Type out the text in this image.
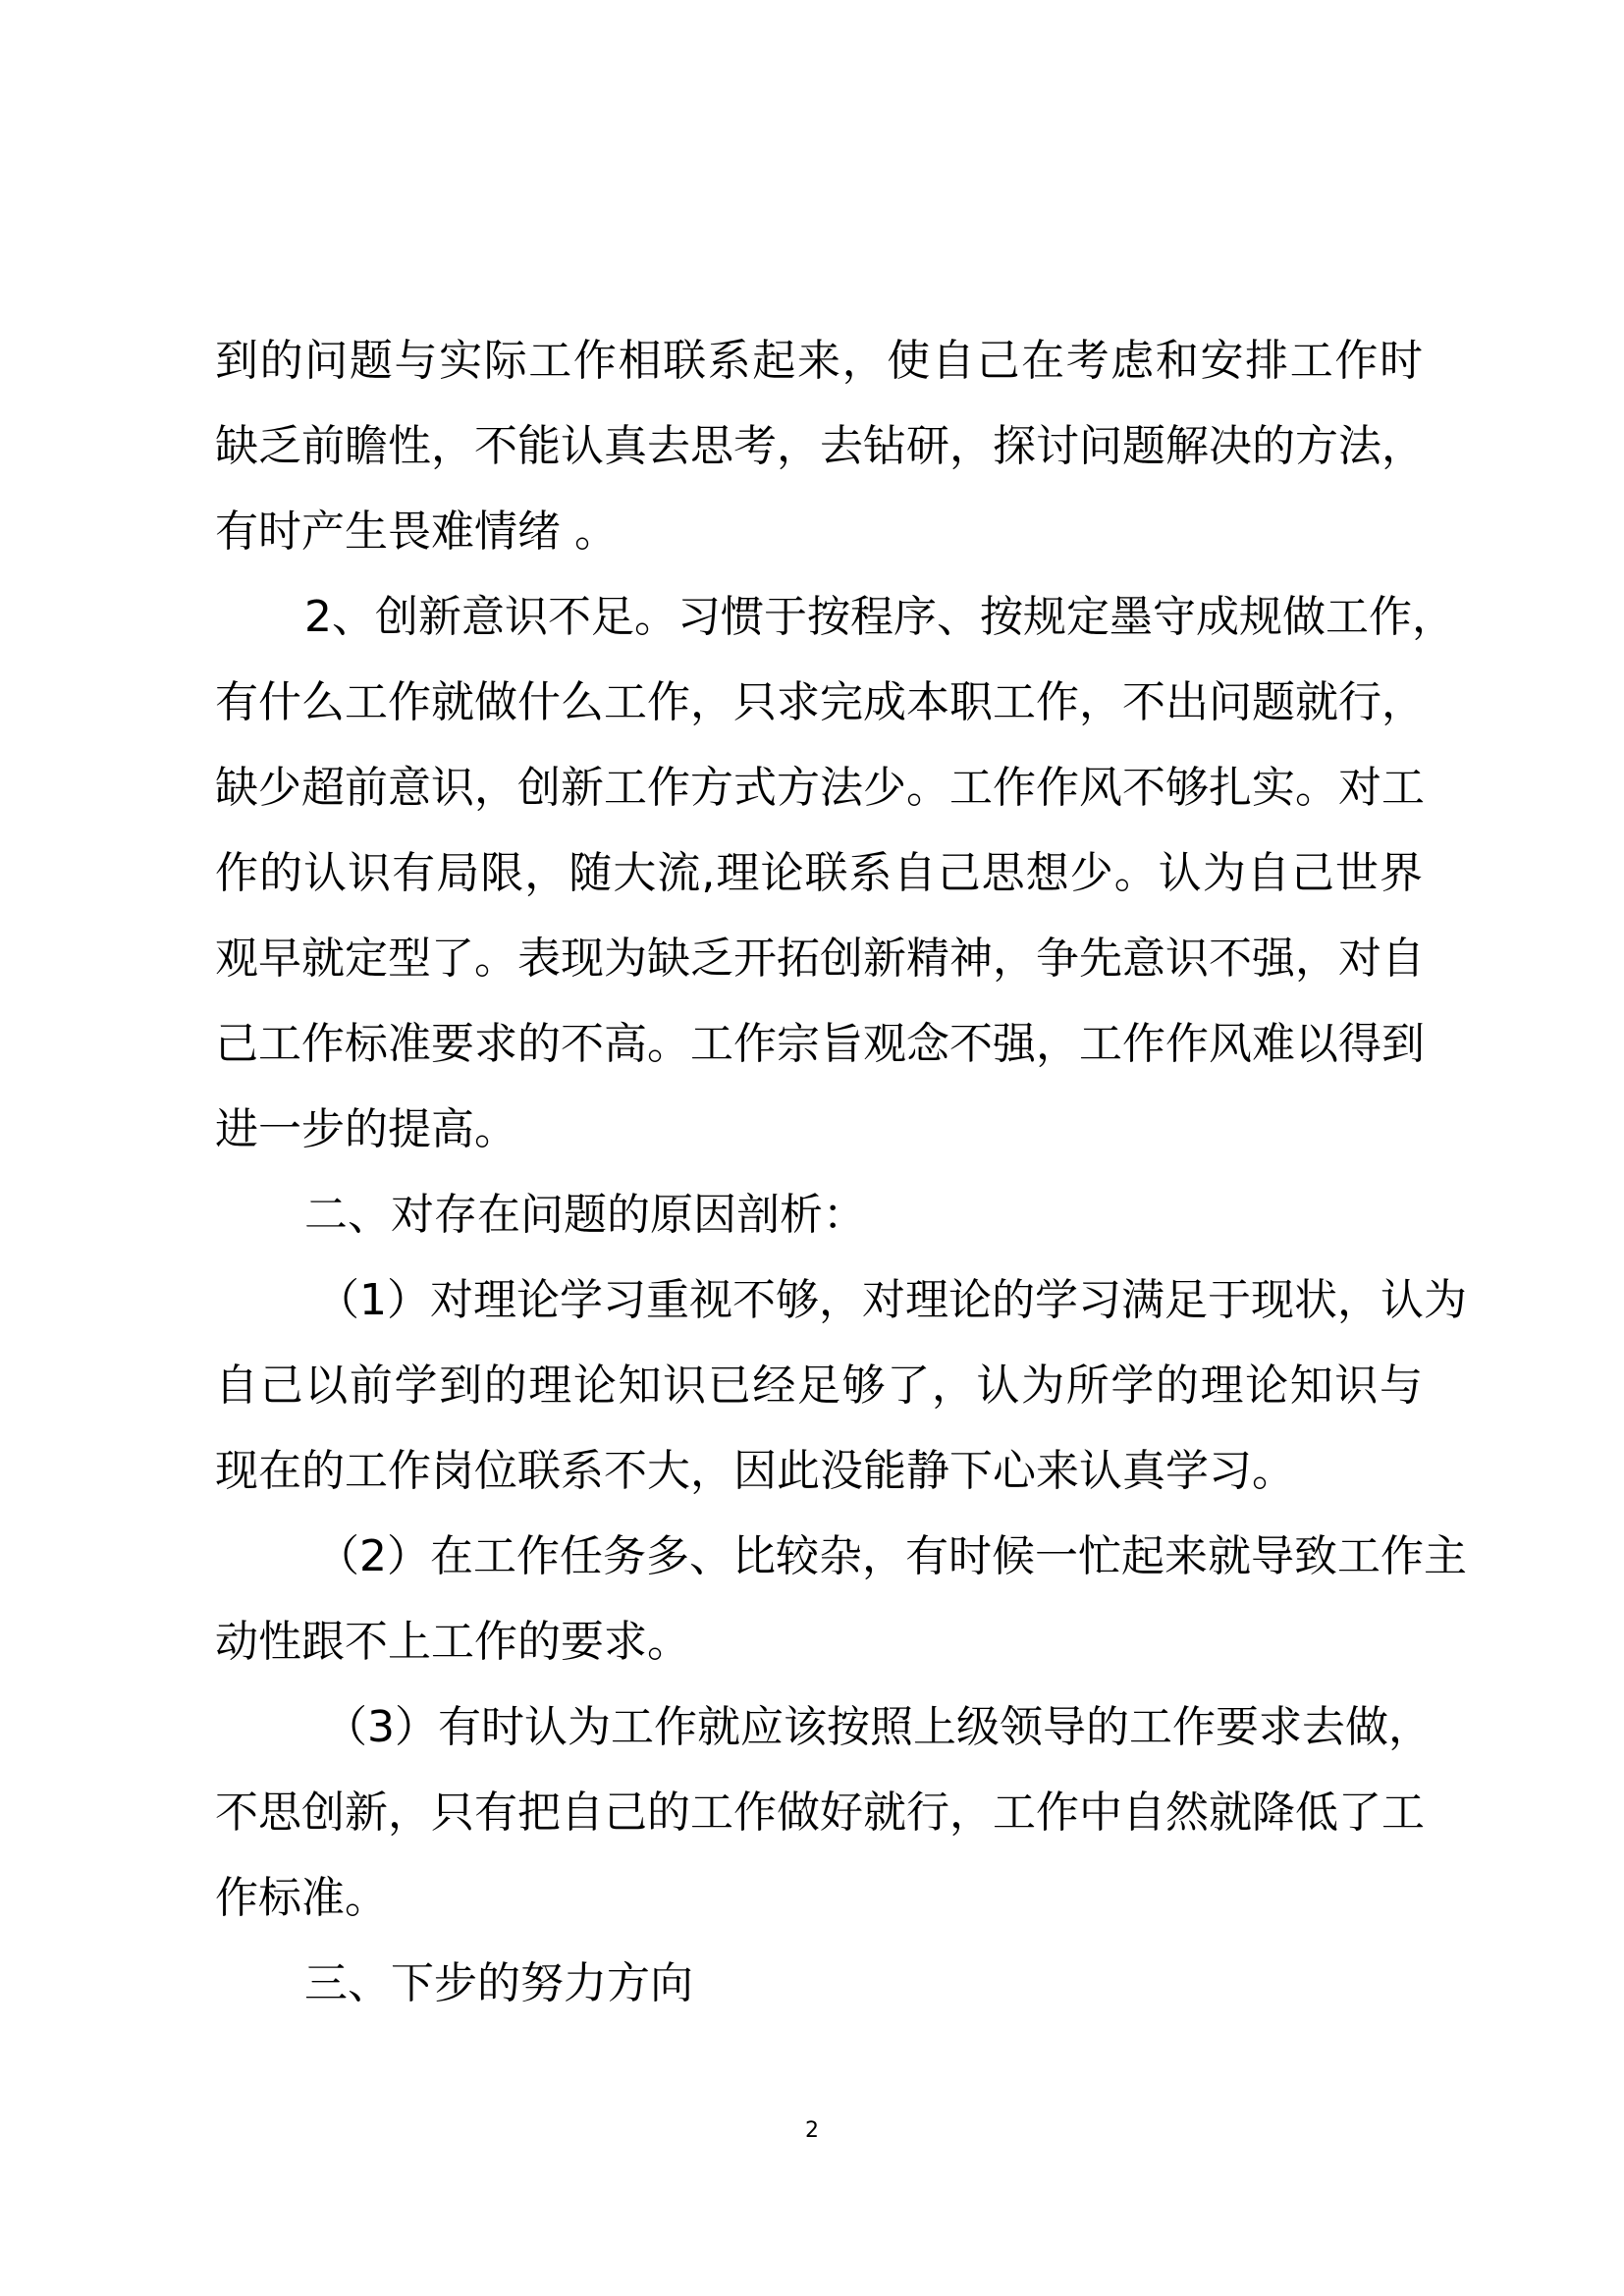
到的问题与实际工作相联系起来，使自己在考虑和安排工作时
缺乏前瞻性，不能认真去思考，去钻研，探讨问题解决的方法，
有时产生畏难情绪 。
2、创新意识不足。习惯于按程序、按规定墨守成规做工作，
有什么工作就做什么工作，只求完成本职工作，不出问题就行，
缺少超前意识，创新工作方式方法少。工作作风不够扎实。对工
作的认识有局限，随大流,理论联系自己思想少。认为自己世界
观早就定型了。表现为缺乏开拓创新精神，争先意识不强，对自
己工作标准要求的不高。工作宗旨观念不强，工作作风难以得到
进一步的提高。
二、对存在问题的原因剖析：
（1）对理论学习重视不够，对理论的学习满足于现状，认为
自己以前学到的理论知识已经足够了，认为所学的理论知识与
现在的工作岗位联系不大，因此没能静下心来认真学习。
（2）在工作任务多、比较杂，有时候一忙起来就导致工作主
动性跟不上工作的要求。
（3）有时认为工作就应该按照上级领导的工作要求去做，
不思创新，只有把自己的工作做好就行，工作中自然就降低了工
作标准。
三、下步的努力方向
2
